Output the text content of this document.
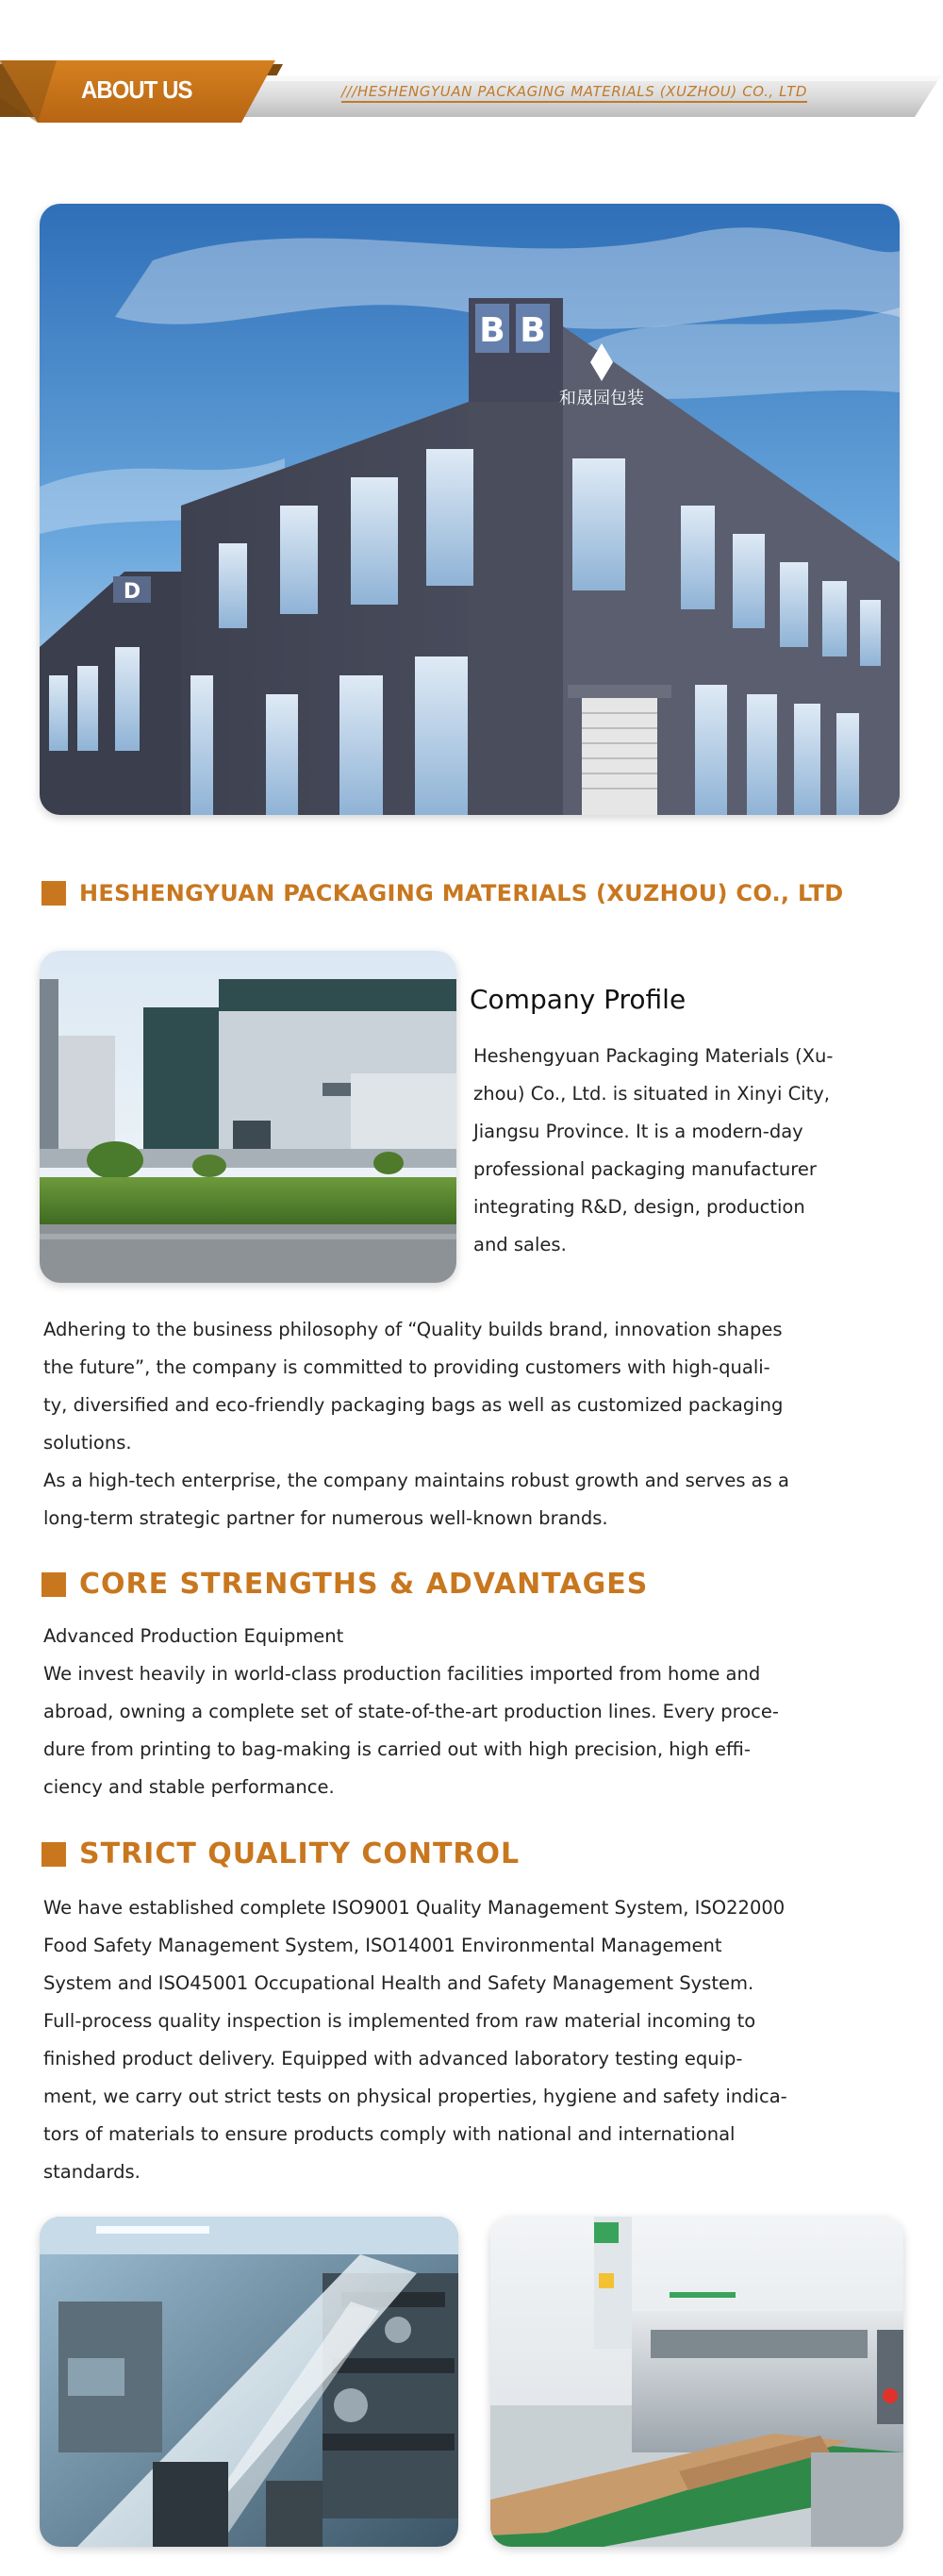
ABOUT US	///HESHENGYUAN PACKAGING MATERIALS (XUZHOU) CO., LTD
D
B B
和晟园包装
HESHENGYUAN PACKAGING MATERIALS (XUZHOU) CO., LTD
Company Profile

Heshengyuan Packaging Materials (Xu-

zhou) Co., Ltd. is situated in Xinyi City,

Jiangsu Province. It is a modern-day

professional packaging manufacturer

integrating R&D, design, production

and sales.

Adhering to the business philosophy of “Quality builds brand, innovation shapes

the future”, the company is committed to providing customers with high-quali-

ty, diversified and eco-friendly packaging bags as well as customized packaging

solutions.

As a high-tech enterprise, the company maintains robust growth and serves as a

long-term strategic partner for numerous well-known brands.

CORE STRENGTHS & ADVANTAGES

Advanced Production Equipment

We invest heavily in world-class production facilities imported from home and

abroad, owning a complete set of state-of-the-art production lines. Every proce-

dure from printing to bag-making is carried out with high precision, high effi-

ciency and stable performance.

STRICT QUALITY CONTROL

We have established complete ISO9001 Quality Management System, ISO22000

Food Safety Management System, ISO14001 Environmental Management

System and ISO45001 Occupational Health and Safety Management System.

Full-process quality inspection is implemented from raw material incoming to

finished product delivery. Equipped with advanced laboratory testing equip-

ment, we carry out strict tests on physical properties, hygiene and safety indica-

tors of materials to ensure products comply with national and international

standards.
